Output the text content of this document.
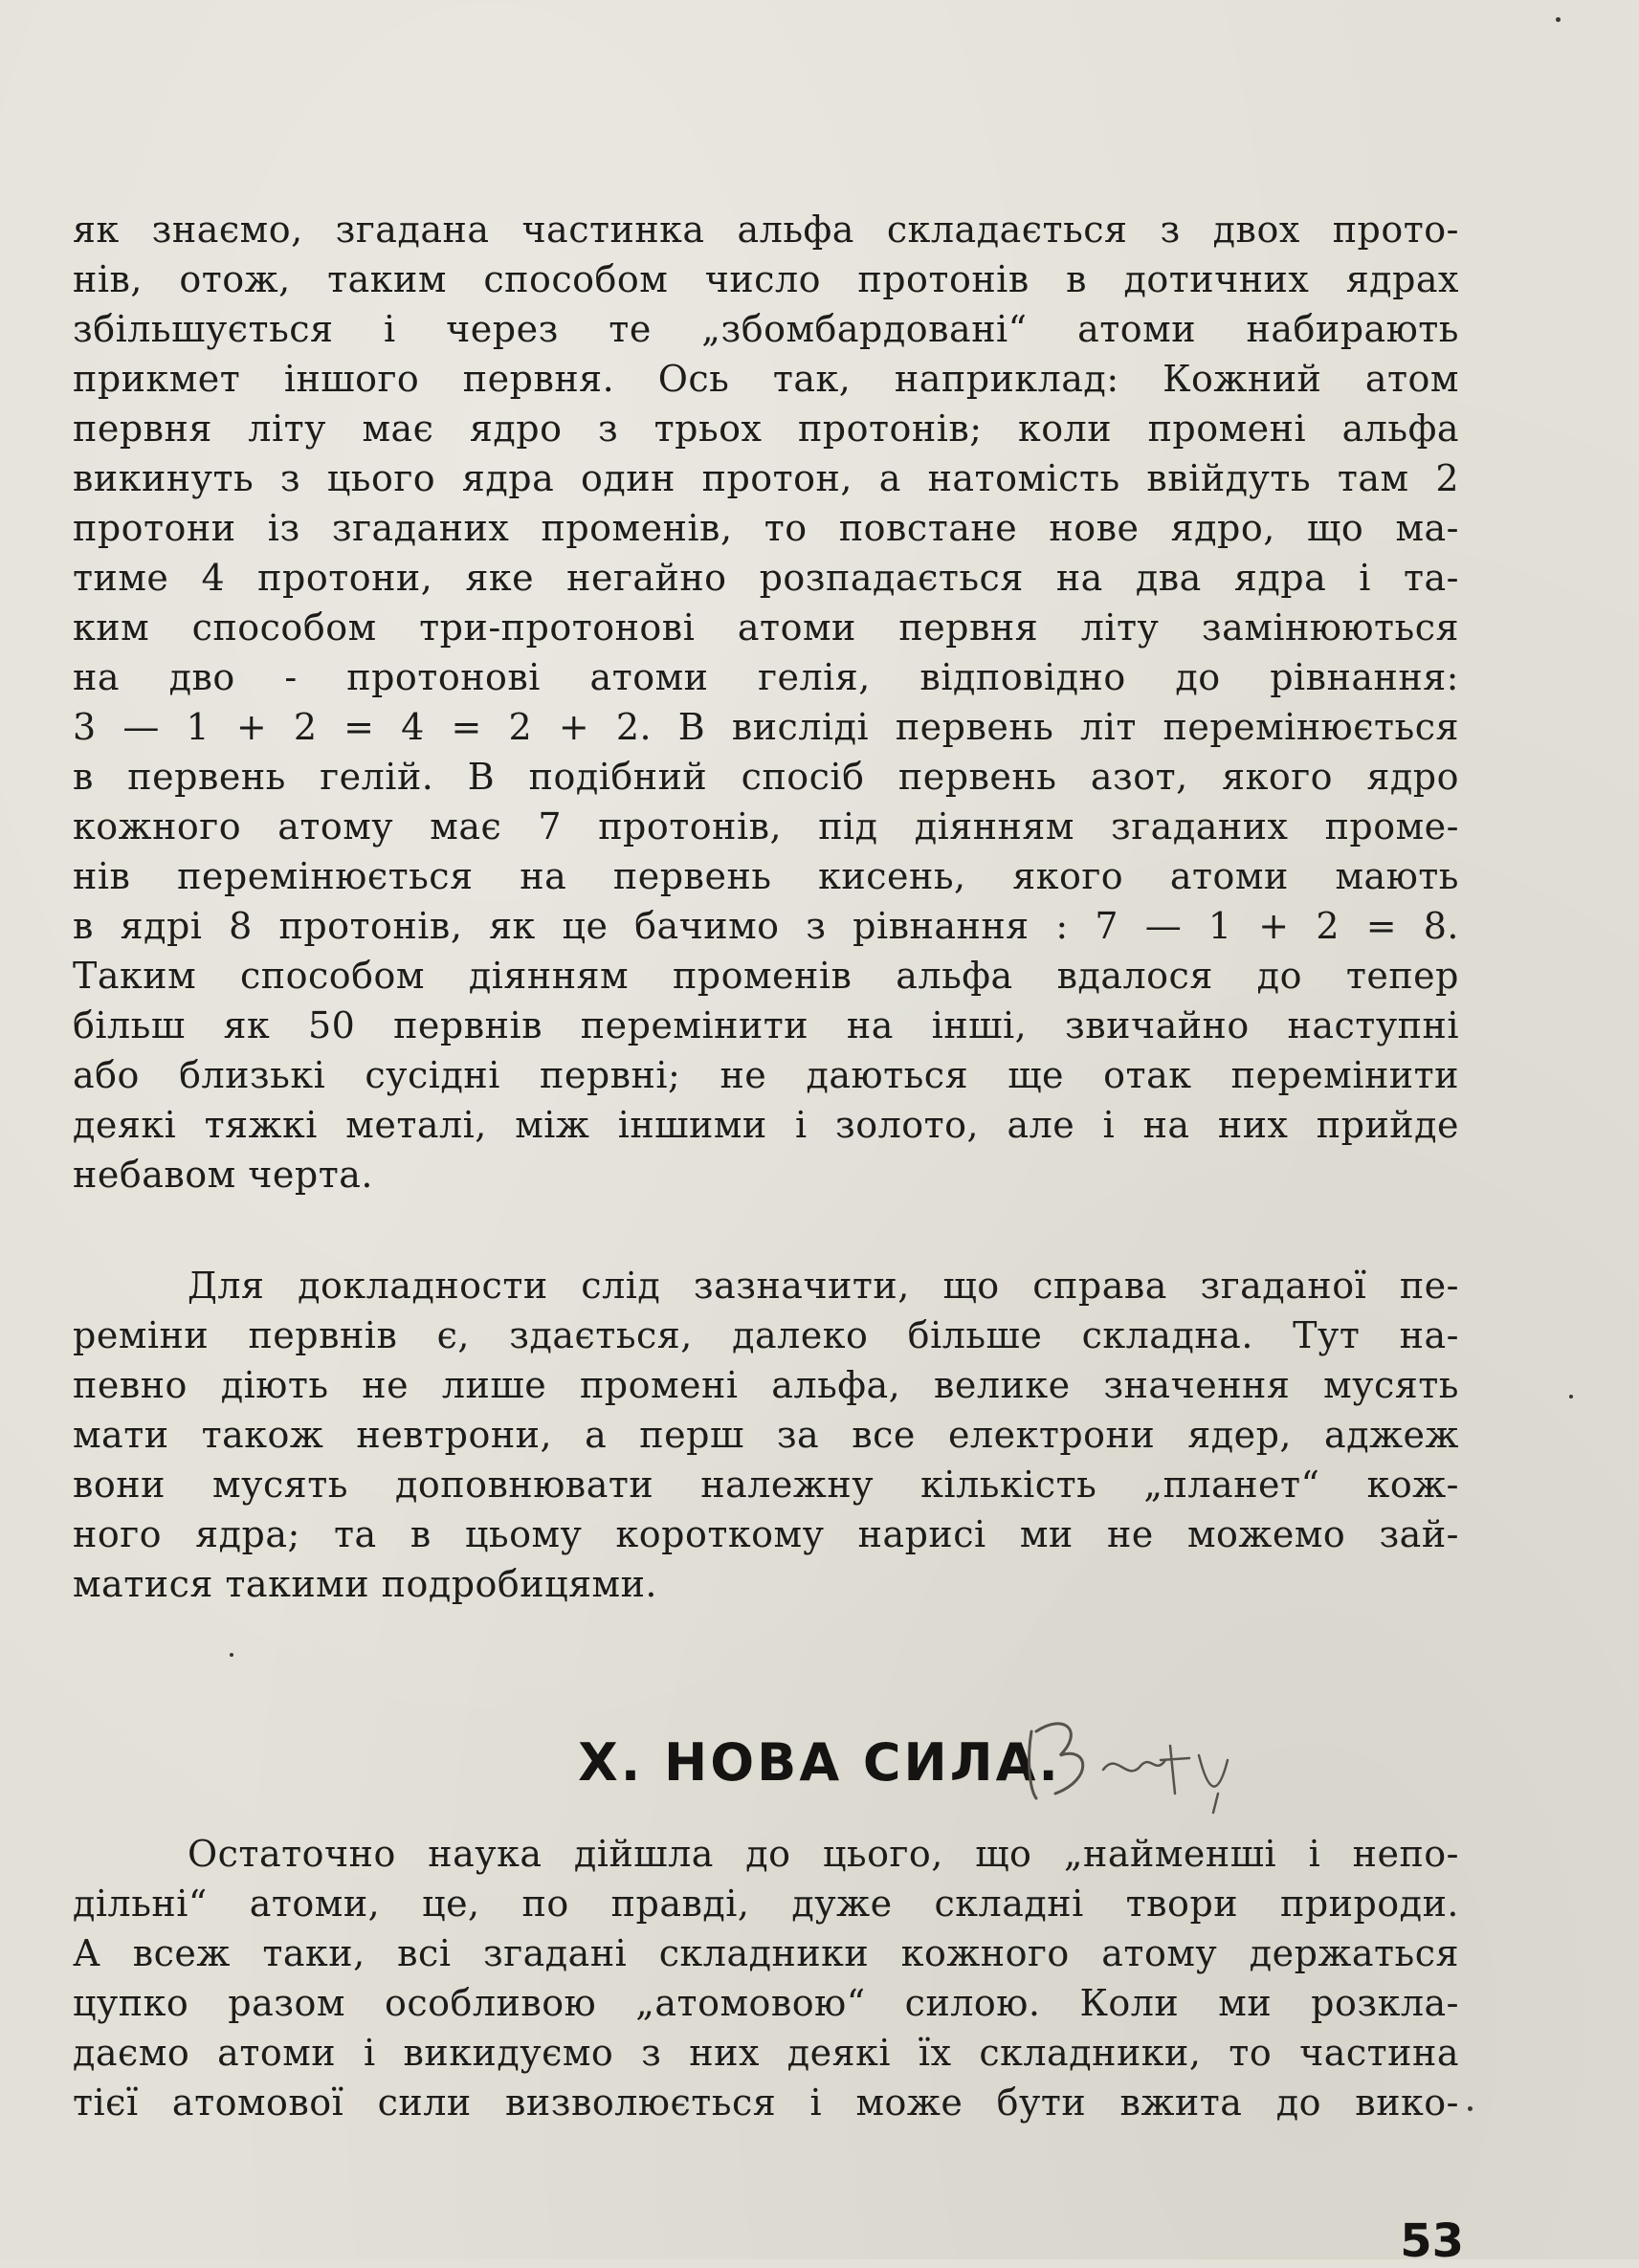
як знаємо, згадана частинка альфа складається з двох прото-
нів, отож, таким способом число протонів в дотичних ядрах
збільшується і через те „збомбардовані“ атоми набирають
прикмет іншого первня. Ось так, наприклад: Кожний атом
первня літу має ядро з трьох протонів; коли промені альфа
викинуть з цього ядра один протон, а натомість ввійдуть там 2
протони із згаданих променів, то повстане нове ядро, що ма-
тиме 4 протони, яке негайно розпадається на два ядра і та-
ким способом три-протонові атоми первня літу замінюються
на дво - протонові атоми гелія, відповідно до рівнання:
3 — 1 + 2 = 4 = 2 + 2. В висліді первень літ перемінюється
в первень гелій. В подібний спосіб первень азот, якого ядро
кожного атому має 7 протонів, під діянням згаданих проме-
нів перемінюється на первень кисень, якого атоми мають
в ядрі 8 протонів, як це бачимо з рівнання : 7 — 1 + 2 = 8.
Таким способом діянням променів альфа вдалося до тепер
більш як 50 первнів перемінити на інші, звичайно наступні
або близькі сусідні первні; не даються ще отак перемінити
деякі тяжкі металі, між іншими і золото, але і на них прийде
небавом черта.
Для докладности слід зазначити, що справа згаданої пе-
реміни первнів є, здається, далеко більше складна. Тут на-
певно діють не лише промені альфа, велике значення мусять
мати також невтрони, а перш за все електрони ядер, аджеж
вони мусять доповнювати належну кількість „планет“ кож-
ного ядра; та в цьому короткому нарисі ми не можемо зай-
матися такими подробицями.
X. НОВА СИЛА.
Остаточно наука дійшла до цього, що „найменші і непо-
дільні“ атоми, це, по правді, дуже складні твори природи.
А всеж таки, всі згадані складники кожного атому держаться
цупко разом особливою „атомовою“ силою. Коли ми розкла-
даємо атоми і викидуємо з них деякі їх складники, то частина
тієї атомової сили визволюється і може бути вжита до вико-
53
